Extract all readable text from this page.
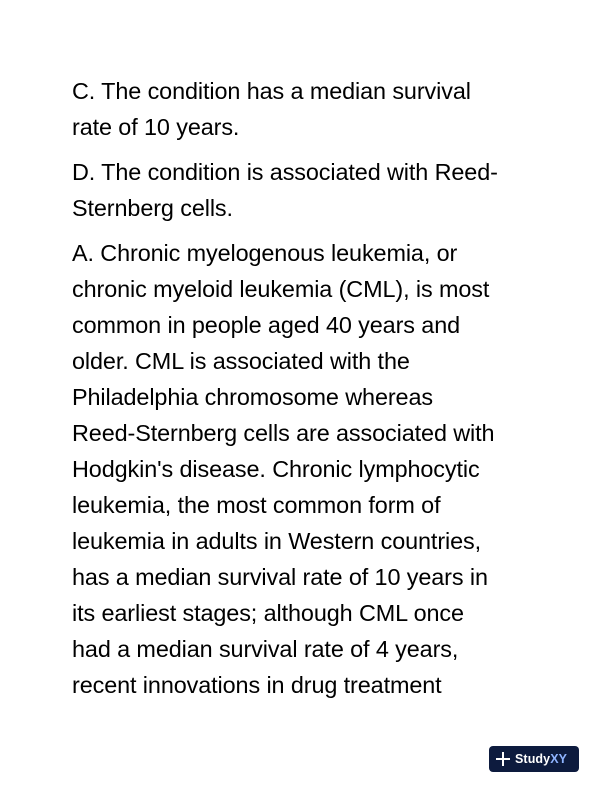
C. The condition has a median survival
rate of 10 years.

D. The condition is associated with Reed-
Sternberg cells.

A. Chronic myelogenous leukemia, or
chronic myeloid leukemia (CML), is most
common in people aged 40 years and
older. CML is associated with the
Philadelphia chromosome whereas
Reed-Sternberg cells are associated with
Hodgkin's disease. Chronic lymphocytic
leukemia, the most common form of
leukemia in adults in Western countries,
has a median survival rate of 10 years in
its earliest stages; although CML once
had a median survival rate of 4 years,
recent innovations in drug treatment

StudyXY
